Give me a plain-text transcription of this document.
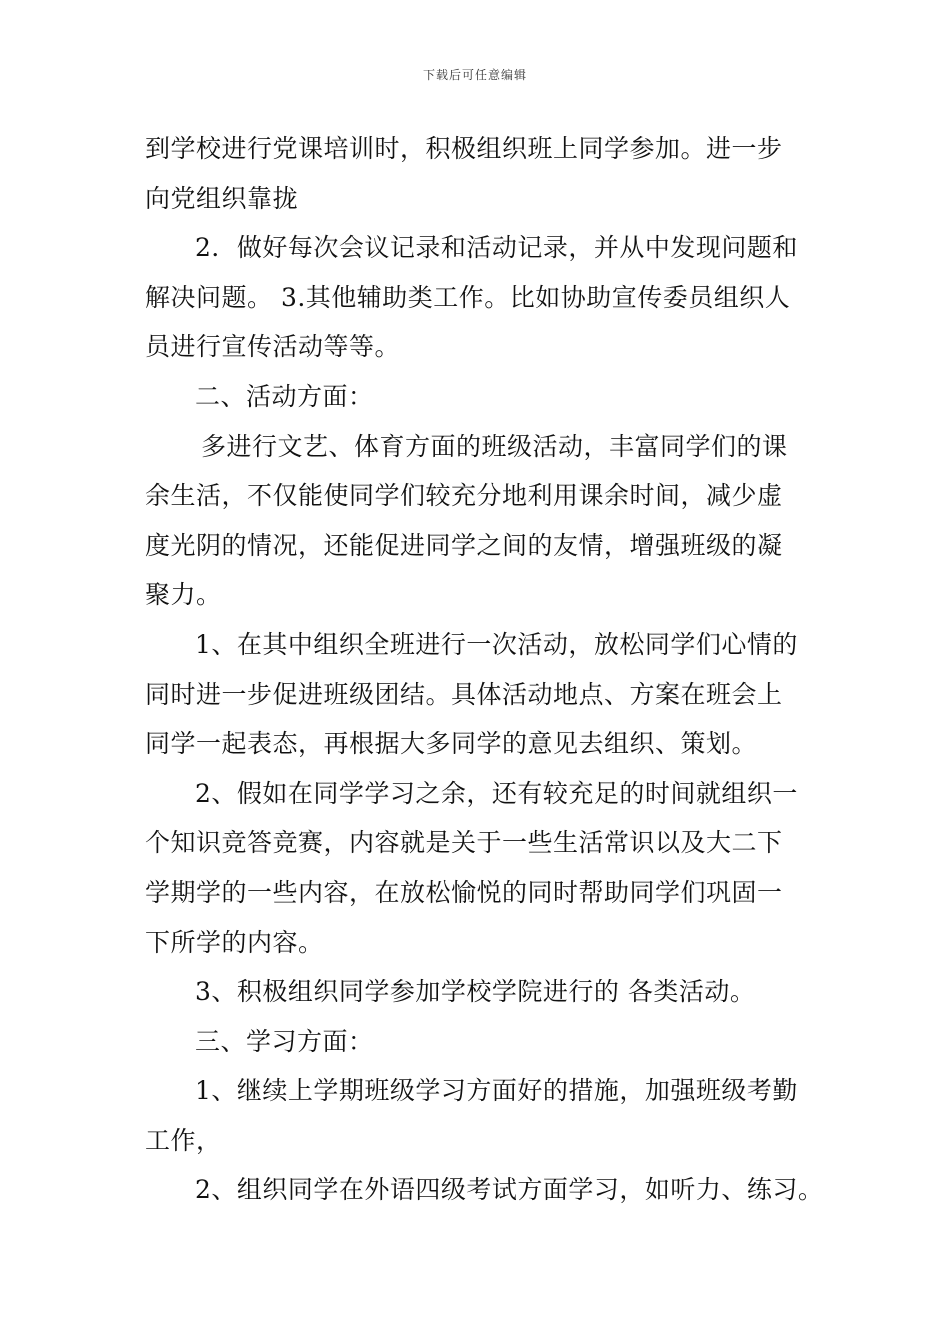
下载后可任意编辑
到学校进行党课培训时，积极组织班上同学参加。进一步
向党组织靠拢
2．做好每次会议记录和活动记录，并从中发现问题和
解决问题。 3.其他辅助类工作。比如协助宣传委员组织人
员进行宣传活动等等。
二、活动方面：
多进行文艺、体育方面的班级活动，丰富同学们的课
余生活，不仅能使同学们较充分地利用课余时间，减少虚
度光阴的情况，还能促进同学之间的友情，增强班级的凝
聚力。
1、在其中组织全班进行一次活动，放松同学们心情的
同时进一步促进班级团结。具体活动地点、方案在班会上
同学一起表态，再根据大多同学的意见去组织、策划。
2、假如在同学学习之余，还有较充足的时间就组织一
个知识竞答竞赛，内容就是关于一些生活常识以及大二下
学期学的一些内容，在放松愉悦的同时帮助同学们巩固一
下所学的内容。
3、积极组织同学参加学校学院进行的 各类活动。
三、学习方面：
1、继续上学期班级学习方面好的措施，加强班级考勤
工作，
2、组织同学在外语四级考试方面学习，如听力、练习。
